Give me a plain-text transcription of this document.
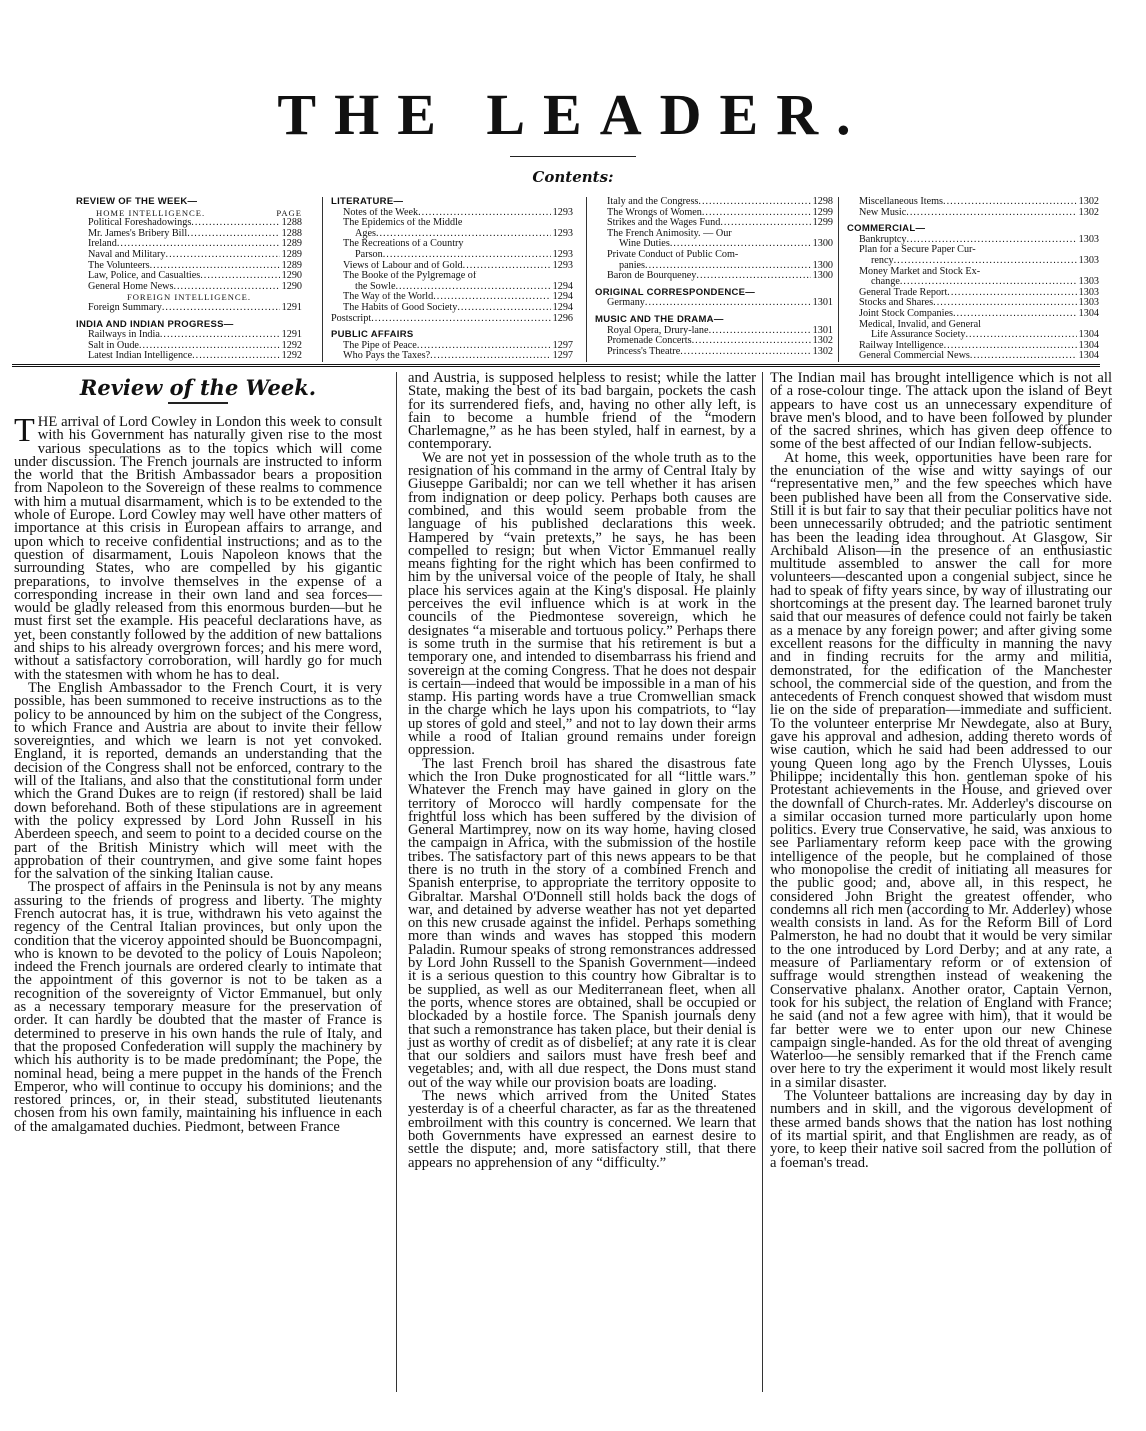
THE LEADER.
Contents:
REVIEW OF THE WEEK—
HOME INTELLIGENCE.	PAGE
Political Foreshadowings .....	1288
Mr. James's Bribery Bill .....	1288
Ireland .....	1289
Naval and Military .....	1289
The Volunteers .....	1289
Law, Police, and Casualties .....	1290
General Home News .....	1290
FOREIGN INTELLIGENCE.
Foreign Summary .....	1291
INDIA AND INDIAN PROGRESS—
Railways in India .....	1291
Salt in Oude .....	1292
Latest Indian Intelligence .....	1292
LITERATURE—
Notes of the Week .....	1293
The Epidemics of the Middle
Ages .....	1293
The Recreations of a Country
Parson .....	1293
Views of Labour and of Gold .....	1293
The Booke of the Pylgremage of
the Sowle .....	1294
The Way of the World .....	1294
The Habits of Good Society .....	1294
Postscript .....	1296
PUBLIC AFFAIRS
The Pipe of Peace .....	1297
Who Pays the Taxes? .....	1297
Italy and the Congress .....	1298
The Wrongs of Women .....	1299
Strikes and the Wages Fund .....	1299
The French Animosity. — Our
Wine Duties .....	1300
Private Conduct of Public Com-
panies .....	1300
Baron de Bourqueney .....	1300
ORIGINAL CORRESPONDENCE—
Germany .....	1301
MUSIC AND THE DRAMA—
Royal Opera, Drury-lane .....	1301
Promenade Concerts .....	1302
Princess's Theatre .....	1302
Miscellaneous Items .....	1302
New Music .....	1302
COMMERCIAL—
Bankruptcy .....	1303
Plan for a Secure Paper Cur-
rency .....	1303
Money Market and Stock Ex-
change .....	1303
General Trade Report .....	1303
Stocks and Shares .....	1303
Joint Stock Companies .....	1304
Medical, Invalid, and General
Life Assurance Society .....	1304
Railway Intelligence .....	1304
General Commercial News .....	1304
Review of the Week.

THE arrival of Lord Cowley in London this week to consult with his Government has naturally given rise to the most various speculations as to the topics which will come under discussion. The French journals are instructed to inform the world that the British Ambassador bears a proposition from Napoleon to the Sovereign of these realms to commence with him a mutual disarmament, which is to be extended to the whole of Europe. Lord Cowley may well have other matters of importance at this crisis in European affairs to arrange, and upon which to receive confidential instructions; and as to the question of disarmament, Louis Napoleon knows that the surrounding States, who are compelled by his gigantic preparations, to involve themselves in the expense of a corresponding increase in their own land and sea forces—would be gladly released from this enormous burden—but he must first set the example. His peaceful declarations have, as yet, been constantly followed by the addition of new battalions and ships to his already overgrown forces; and his mere word, without a satisfactory corroboration, will hardly go for much with the statesmen with whom he has to deal.

The English Ambassador to the French Court, it is very possible, has been summoned to receive instructions as to the policy to be announced by him on the subject of the Congress, to which France and Austria are about to invite their fellow sovereignties, and which we learn is not yet convoked. England, it is reported, demands an understanding that the decision of the Congress shall not be enforced, contrary to the will of the Italians, and also that the constitutional form under which the Grand Dukes are to reign (if restored) shall be laid down beforehand. Both of these stipulations are in agreement with the policy expressed by Lord John Russell in his Aberdeen speech, and seem to point to a decided course on the part of the British Ministry which will meet with the approbation of their countrymen, and give some faint hopes for the salvation of the sinking Italian cause.

The prospect of affairs in the Peninsula is not by any means assuring to the friends of progress and liberty. The mighty French autocrat has, it is true, withdrawn his veto against the regency of the Central Italian provinces, but only upon the condition that the viceroy appointed should be Buoncompagni, who is known to be devoted to the policy of Louis Napoleon; indeed the French journals are ordered clearly to intimate that the appointment of this governor is not to be taken as a recognition of the sovereignty of Victor Emmanuel, but only as a necessary temporary measure for the preservation of order. It can hardly be doubted that the master of France is determined to preserve in his own hands the rule of Italy, and that the proposed Confederation will supply the machinery by which his authority is to be made predominant; the Pope, the nominal head, being a mere puppet in the hands of the French Emperor, who will continue to occupy his dominions; and the restored princes, or, in their stead, substituted lieutenants chosen from his own family, maintaining his influence in each of the amalgamated duchies. Piedmont, between France

and Austria, is supposed helpless to resist; while the latter State, making the best of its bad bargain, pockets the cash for its surrendered fiefs, and, having no other ally left, is fain to become a humble friend of the “modern Charlemagne,” as he has been styled, half in earnest, by a contemporary.

We are not yet in possession of the whole truth as to the resignation of his command in the army of Central Italy by Giuseppe Garibaldi; nor can we tell whether it has arisen from indignation or deep policy. Perhaps both causes are combined, and this would seem probable from the language of his published declarations this week. Hampered by “vain pretexts,” he says, he has been compelled to resign; but when Victor Emmanuel really means fighting for the right which has been confirmed to him by the universal voice of the people of Italy, he shall place his services again at the King's disposal. He plainly perceives the evil influence which is at work in the councils of the Piedmontese sovereign, which he designates “a miserable and tortuous policy.” Perhaps there is some truth in the surmise that his retirement is but a temporary one, and intended to disembarrass his friend and sovereign at the coming Congress. That he does not despair is certain—indeed that would be impossible in a man of his stamp. His parting words have a true Cromwellian smack in the charge which he lays upon his compatriots, to “lay up stores of gold and steel,” and not to lay down their arms while a rood of Italian ground remains under foreign oppression.

The last French broil has shared the disastrous fate which the Iron Duke prognosticated for all “little wars.” Whatever the French may have gained in glory on the territory of Morocco will hardly compensate for the frightful loss which has been suffered by the division of General Martimprey, now on its way home, having closed the campaign in Africa, with the submission of the hostile tribes. The satisfactory part of this news appears to be that there is no truth in the story of a combined French and Spanish enterprise, to appropriate the territory opposite to Gibraltar. Marshal O'Donnell still holds back the dogs of war, and detained by adverse weather has not yet departed on this new crusade against the infidel. Perhaps something more than winds and waves has stopped this modern Paladin. Rumour speaks of strong remonstrances addressed by Lord John Russell to the Spanish Government—indeed it is a serious question to this country how Gibraltar is to be supplied, as well as our Mediterranean fleet, when all the ports, whence stores are obtained, shall be occupied or blockaded by a hostile force. The Spanish journals deny that such a remonstrance has taken place, but their denial is just as worthy of credit as of disbelief; at any rate it is clear that our soldiers and sailors must have fresh beef and vegetables; and, with all due respect, the Dons must stand out of the way while our provision boats are loading.

The news which arrived from the United States yesterday is of a cheerful character, as far as the threatened embroilment with this country is concerned. We learn that both Governments have expressed an earnest desire to settle the dispute; and, more satisfactory still, that there appears no apprehension of any “difficulty.”

The Indian mail has brought intelligence which is not all of a rose-colour tinge. The attack upon the island of Beyt appears to have cost us an unnecessary expenditure of brave men's blood, and to have been followed by plunder of the sacred shrines, which has given deep offence to some of the best affected of our Indian fellow-subjects.

At home, this week, opportunities have been rare for the enunciation of the wise and witty sayings of our “representative men,” and the few speeches which have been published have been all from the Conservative side. Still it is but fair to say that their peculiar politics have not been unnecessarily obtruded; and the patriotic sentiment has been the leading idea throughout. At Glasgow, Sir Archibald Alison—in the presence of an enthusiastic multitude assembled to answer the call for more volunteers—descanted upon a congenial subject, since he had to speak of fifty years since, by way of illustrating our shortcomings at the present day. The learned baronet truly said that our measures of defence could not fairly be taken as a menace by any foreign power; and after giving some excellent reasons for the difficulty in manning the navy and in finding recruits for the army and militia, demonstrated, for the edification of the Manchester school, the commercial side of the question, and from the antecedents of French conquest showed that wisdom must lie on the side of preparation—immediate and sufficient. To the volunteer enterprise Mr Newdegate, also at Bury, gave his approval and adhesion, adding thereto words of wise caution, which he said had been addressed to our young Queen long ago by the French Ulysses, Louis Philippe; incidentally this hon. gentleman spoke of his Protestant achievements in the House, and grieved over the downfall of Church-rates. Mr. Adderley's discourse on a similar occasion turned more particularly upon home politics. Every true Conservative, he said, was anxious to see Parliamentary reform keep pace with the growing intelligence of the people, but he complained of those who monopolise the credit of initiating all measures for the public good; and, above all, in this respect, he considered John Bright the greatest offender, who condemns all rich men (according to Mr. Adderley) whose wealth consists in land. As for the Reform Bill of Lord Palmerston, he had no doubt that it would be very similar to the one introduced by Lord Derby; and at any rate, a measure of Parliamentary reform or of extension of suffrage would strengthen instead of weakening the Conservative phalanx. Another orator, Captain Vernon, took for his subject, the relation of England with France; he said (and not a few agree with him), that it would be far better were we to enter upon our new Chinese campaign single-handed. As for the old threat of avenging Waterloo—he sensibly remarked that if the French came over here to try the experiment it would most likely result in a similar disaster.

The Volunteer battalions are increasing day by day in numbers and in skill, and the vigorous development of these armed bands shows that the nation has lost nothing of its martial spirit, and that Englishmen are ready, as of yore, to keep their native soil sacred from the pollution of a foeman's tread.
